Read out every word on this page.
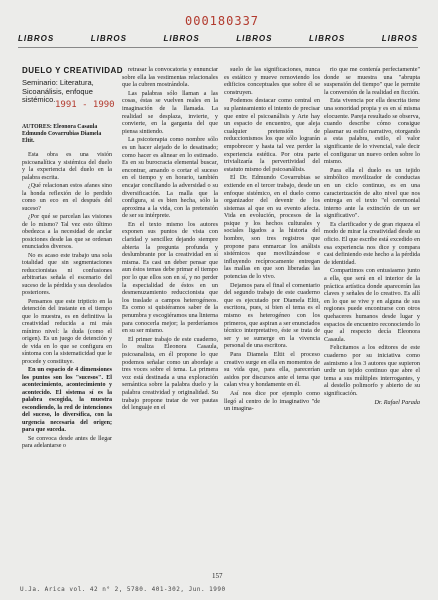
000180337
LIBROS	LIBROS	LIBROS	LIBROS	LIBROS	LIBROS
DUELO Y CREATIVIDAD
Seminario: Literatura, Sicoanálisis, enfoque sistémico.
1991 - 1990
AUTORES: Eleonora Casaula Edmundo Covarrubias Diamela Eltit.

Esta obra es una visión psicoanalítica y sistémica del duelo y la experiencia del duelo en la palabra escrita.

¿Qué relacionan estos afanes sino la honda reflexión de lo perdido como un eco en el después del suceso?

¿Por qué se parcelan las visiones de lo mismo? Tal vez esto último obedezca a la necesidad de anclar posiciones desde las que se ordenan enunciados diversos.

No es acaso este trabajo una sola totalidad que sin segmentaciones reduccionistas ni confusiones arbitrarias señala el escenario del suceso de la pérdida y sus desolados posteriores.

Pensamos que este tripticto en la detención del instante en el tiempo que lo muestra, es en definitiva la creatividad reducida a mi más mínimo nivel: la duda (como el origen). Es un juego de detención y de vida en lo que se configura en síntoma con la sistematicidad que le procede y constituye.

En un espacio de 4 dimensiones los puntos son los "sucesos". El acontecimiento, acontecimiento y acontecido. El sistema sí es la palabra escogida, la muestra escondiendo, la red de intenciones del suceso, lo diversifica, con la urgencia necesaria del origen; para que suceda.

Se convoca desde antes de llegar para adelantarse o

retrasar la convocatoria y ennunciar sobre ella las vestimentas relacionales que la cubren mostrándola.

Las palabras sólo llaman a las cosas, éstas se vuelven reales en la imaginación de la llamada. La realidad se desplaza, invierte, y convierte, en la garganta del que piensa sintiendo.

La psicoterapia como nombre sólo es un hacer alejado de lo desatinado; como hacer es alinear en lo estimado. Es en su burocracia elemental buscar, encontrar, amando o cortar el suceso en el tiempo y en horario, también encajar conciliando la adversidad o su diversificación. La malla que la configura, si es bien hecha, sólo la aproxima a la vida, con la pretensión de ser su intérprete.

En el texto mismo los autores exponen sus puntos de vista con claridad y sencillez dejando siempre abierta la pregunta profunda y deslumbrante por la creatividad en sí misma. Es casi un deber pensar que aun éstos temas debe primar el tiempo por lo que ellos son en sí, y no perder la especialidad de éstos en un desmenuzamiento reduccionista que los traslade a campos heterogéneos. Es como si quisiéramos saber de la penumbra y escogiéramos una linterna para conocerla mejor; la perderíamos en su ser mismo.

El primer trabajo de este cuaderno, lo realiza Eleonora Casaula, psicoanalista, en él propone lo que podemos señalar como un abordaje a tres voces sobre el tema. La primera voz está destinada a una exploración semántica sobre la palabra duelo y la palabra creatividad y originalidad. Su trabajo propone tratar de ver pautas del lenguaje en el

suelo de las significaciones, nunca es estático y mueve removiendo los edificios conceptuales que sobre él se construyen.

Podemos destacar como central en su planteamiento el intento de precisar que entre el psicoanálisis y Arte hay un espacio de encuentro, que aleja cualquier pretensión de reduccionismos los que sólo lograrán empobrecer y hasta tal vez perder la experiencia estética. Por otra parte trivializaría la pervertividad del estatuto mismo del psicoanálisis.

El Dr. Edmundo Covarrubias se extiende en el tercer trabajo, desde un enfoque sistémico, en el duelo como organizador del devenir de los sistemas al que en su evento afecta. Vida en evolución, procesos de la psique y los hechos culturales y sociales ligados a la historia del hombre, son tres registros que propone para enmarcar los análisis sistémicos que movilizándose e influyendo recíprocamente entregan las mallas en que son liberadas las potencias de lo vivo.

Dejamos para el final el comentario del segundo trabajo de este cuaderno que es ejecutado por Diamela Eltit, escritora, pues, si bien el tema es el mismo es heterogéneo con los primeros, que aspiran a ser enunciados técnico interpretativo, éste se trata de ser y se sumerge en la vivencia personal de una escritora.

Para Diamela Eltit el proceso creativo surge en ella en momentos de su vida que, para ella, parecerían asidos por discursos ante el tema que calan viva y hondamente en él.

Así nos dice por ejemplo como llegó al centro de lo imaginativo "de un imagina-

rio que me contenía perfectamente" donde se muestra una "abrupta suspensión del tiempo" que le permite la conversión de la realidad en ficción.

Esta vivencia por ella descrita tiene una sonoridad propia y es en sí misma elocuente. Pareja resultado se observa, cuando describe cómo consigue plasmar su estilo narrativo, otorgando a esta palabra, estilo, el valor significante de lo vivencial, vale decir el configurar un nuevo orden sobre lo mismo.

Para ella el duelo es un tejido simbólico movilizador de conductas en un ciclo continuo, es en una caracterización de alto nivel que nos entrega en el texto "el ceremonial interno ante la extinción de un ser significativo".

Es clarificador y de gran riqueza el modo de mirar la creatividad desde su oficio. El que escribe está excedido en esa experiencia nos dice y compara casi definiendo este hecho a la pérdida de identidad.

Compartimos con entusiasmo junto a ella, que será en el interior de la práctica artística donde aparecerán las claves y señales de lo creativo. Es allí en lo que se vive y en alguna de sus regiones puede encontrarse con otros quehaceres humanos desde lugar y espacios de encuentro reconociendo lo que al respecto decía Eleonora Casaula.

Felicitamos a los editores de este cuaderno por su iniciativa como asimismo a los 3 autores que supieron urdir un tejido continuo que abre el tema a sus múltiples interrogantes, y al destello polimorfo y abierto de su significación.

Dr. Rafael Parada

157
U.Ja. Arica vol. 42 n° 2, 5780. 401-302, Jun. 1990
